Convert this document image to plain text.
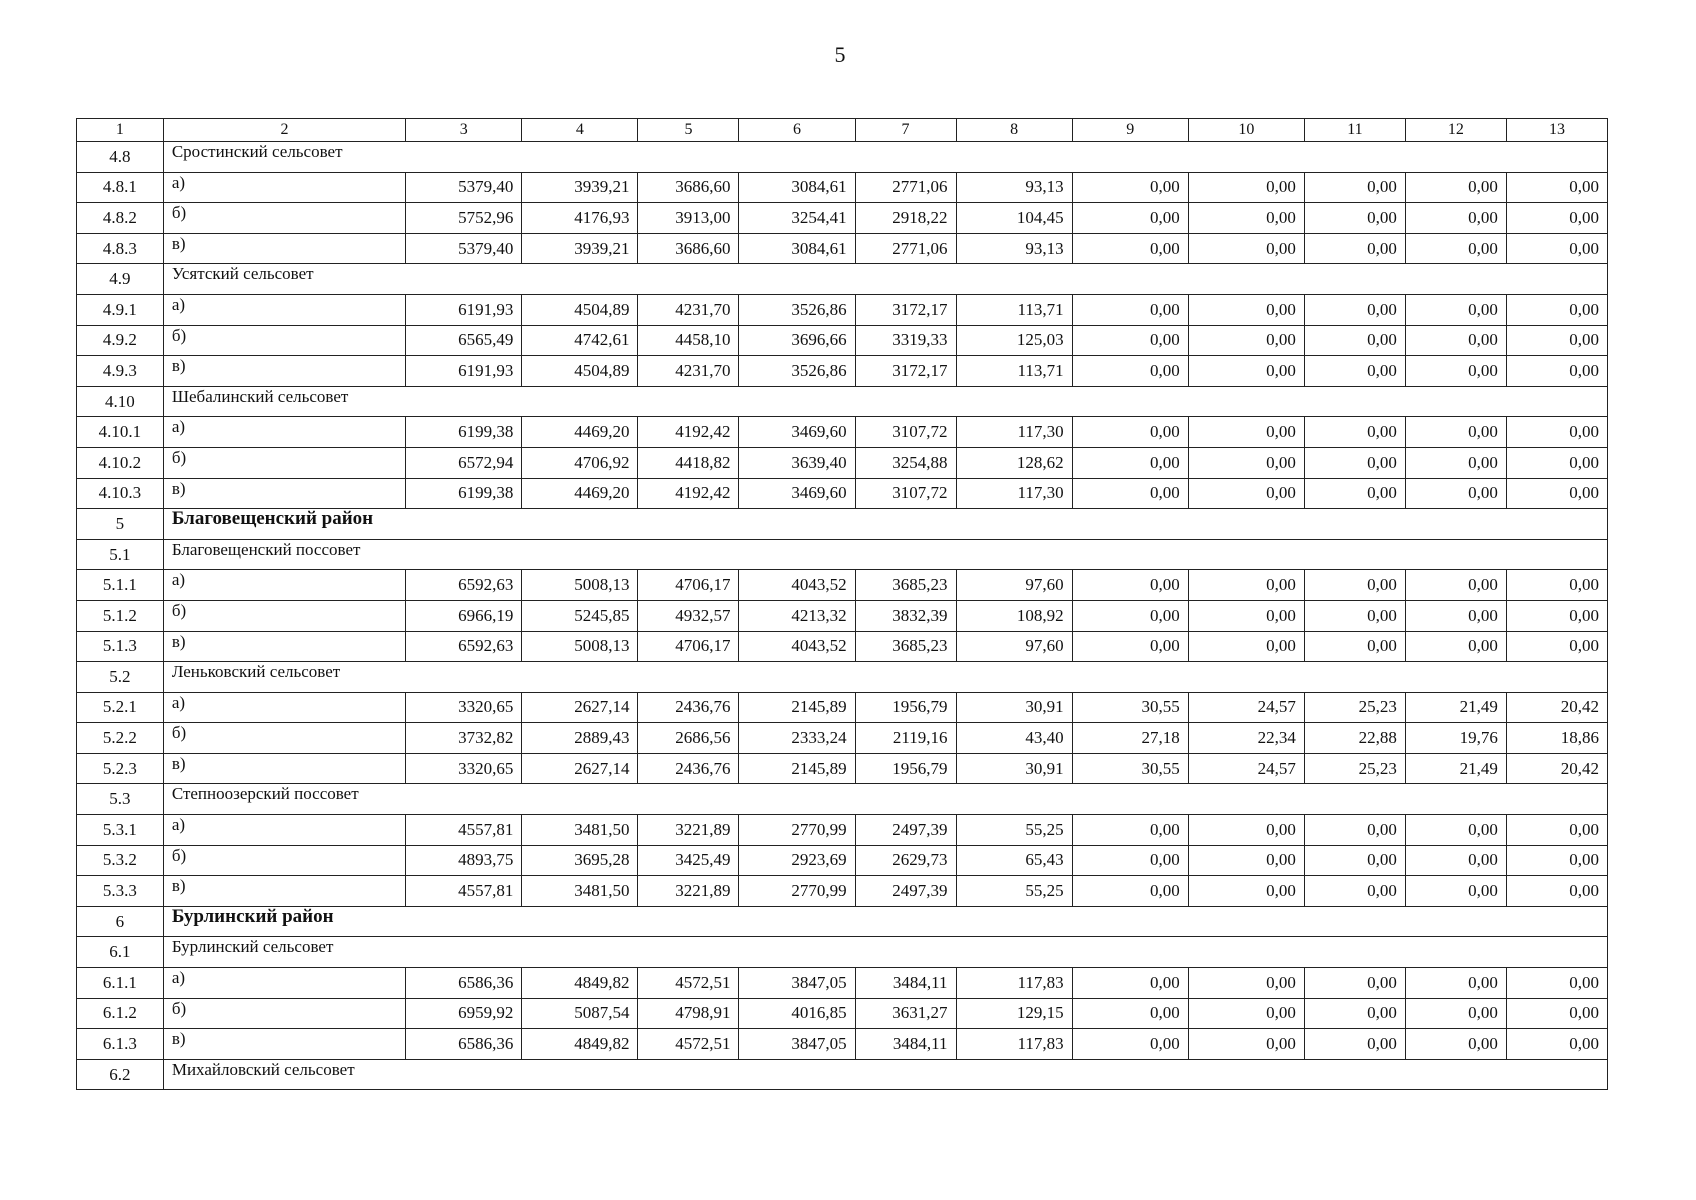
5
1	2	3	4	5	6	7	8	9	10	11	12	13
4.8	Сростинский сельсовет											
4.8.1	а)	5379,40	3939,21	3686,60	3084,61	2771,06	93,13	0,00	0,00	0,00	0,00	0,00
4.8.2	б)	5752,96	4176,93	3913,00	3254,41	2918,22	104,45	0,00	0,00	0,00	0,00	0,00
4.8.3	в)	5379,40	3939,21	3686,60	3084,61	2771,06	93,13	0,00	0,00	0,00	0,00	0,00
4.9	Усятский сельсовет											
4.9.1	а)	6191,93	4504,89	4231,70	3526,86	3172,17	113,71	0,00	0,00	0,00	0,00	0,00
4.9.2	б)	6565,49	4742,61	4458,10	3696,66	3319,33	125,03	0,00	0,00	0,00	0,00	0,00
4.9.3	в)	6191,93	4504,89	4231,70	3526,86	3172,17	113,71	0,00	0,00	0,00	0,00	0,00
4.10	Шебалинский сельсовет											
4.10.1	а)	6199,38	4469,20	4192,42	3469,60	3107,72	117,30	0,00	0,00	0,00	0,00	0,00
4.10.2	б)	6572,94	4706,92	4418,82	3639,40	3254,88	128,62	0,00	0,00	0,00	0,00	0,00
4.10.3	в)	6199,38	4469,20	4192,42	3469,60	3107,72	117,30	0,00	0,00	0,00	0,00	0,00
5	Благовещенский район											
5.1	Благовещенский поссовет											
5.1.1	а)	6592,63	5008,13	4706,17	4043,52	3685,23	97,60	0,00	0,00	0,00	0,00	0,00
5.1.2	б)	6966,19	5245,85	4932,57	4213,32	3832,39	108,92	0,00	0,00	0,00	0,00	0,00
5.1.3	в)	6592,63	5008,13	4706,17	4043,52	3685,23	97,60	0,00	0,00	0,00	0,00	0,00
5.2	Леньковский сельсовет											
5.2.1	а)	3320,65	2627,14	2436,76	2145,89	1956,79	30,91	30,55	24,57	25,23	21,49	20,42
5.2.2	б)	3732,82	2889,43	2686,56	2333,24	2119,16	43,40	27,18	22,34	22,88	19,76	18,86
5.2.3	в)	3320,65	2627,14	2436,76	2145,89	1956,79	30,91	30,55	24,57	25,23	21,49	20,42
5.3	Степноозерский поссовет											
5.3.1	а)	4557,81	3481,50	3221,89	2770,99	2497,39	55,25	0,00	0,00	0,00	0,00	0,00
5.3.2	б)	4893,75	3695,28	3425,49	2923,69	2629,73	65,43	0,00	0,00	0,00	0,00	0,00
5.3.3	в)	4557,81	3481,50	3221,89	2770,99	2497,39	55,25	0,00	0,00	0,00	0,00	0,00
6	Бурлинский район											
6.1	Бурлинский сельсовет											
6.1.1	а)	6586,36	4849,82	4572,51	3847,05	3484,11	117,83	0,00	0,00	0,00	0,00	0,00
6.1.2	б)	6959,92	5087,54	4798,91	4016,85	3631,27	129,15	0,00	0,00	0,00	0,00	0,00
6.1.3	в)	6586,36	4849,82	4572,51	3847,05	3484,11	117,83	0,00	0,00	0,00	0,00	0,00
6.2	Михайловский сельсовет											
